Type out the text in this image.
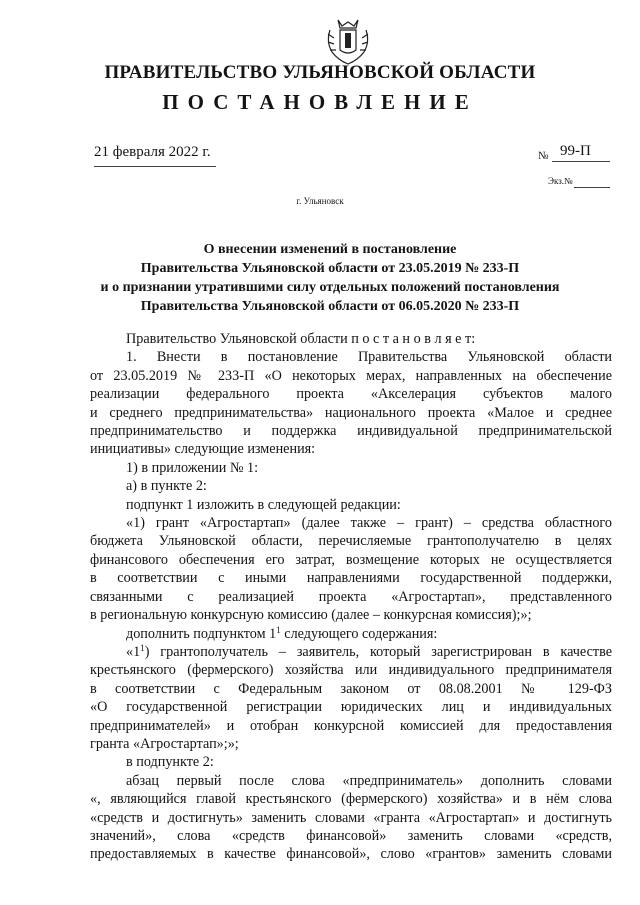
ПРАВИТЕЛЬСТВО УЛЬЯНОВСКОЙ ОБЛАСТИ
ПОСТАНОВЛЕНИЕ
21 февраля 2022 г.	№ 99-П
Экз.№
г. Ульяновск
О внесении изменений в постановление
Правительства Ульяновской области от 23.05.2019 № 233-П
и о признании утратившими силу отдельных положений постановления
Правительства Ульяновской области от 06.05.2020 № 233-П
Правительство Ульяновской области п о с т а н о в л я е т:
1. Внести в постановление Правительства Ульяновской области
от 23.05.2019 № 233-П «О некоторых мерах, направленных на обеспечение
реализации федерального проекта «Акселерация субъектов малого
и среднего предпринимательства» национального проекта «Малое и среднее
предпринимательство и поддержка индивидуальной предпринимательской
инициативы» следующие изменения:
1) в приложении № 1:
а) в пункте 2:
подпункт 1 изложить в следующей редакции:
«1) грант «Агростартап» (далее также – грант) – средства областного
бюджета Ульяновской области, перечисляемые грантополучателю в целях
финансового обеспечения его затрат, возмещение которых не осуществляется
в соответствии с иными направлениями государственной поддержки,
связанными с реализацией проекта «Агростартап», представленного
в региональную конкурсную комиссию (далее – конкурсная комиссия);»;
дополнить подпунктом $1^1$ следующего содержания:
«$1^1$) грантополучатель – заявитель, который зарегистрирован в качестве
крестьянского (фермерского) хозяйства или индивидуального предпринимателя
в соответствии с Федеральным законом от 08.08.2001 № 129-ФЗ
«О государственной регистрации юридических лиц и индивидуальных
предпринимателей» и отобран конкурсной комиссией для предоставления
гранта «Агростартап»;»;
в подпункте 2:
абзац первый после слова «предприниматель» дополнить словами
«, являющийся главой крестьянского (фермерского) хозяйства» и в нём слова
«средств и достигнуть» заменить словами «гранта «Агростартап» и достигнуть
значений», слова «средств финансовой» заменить словами «средств,
предоставляемых в качестве финансовой», слово «грантов» заменить словами
